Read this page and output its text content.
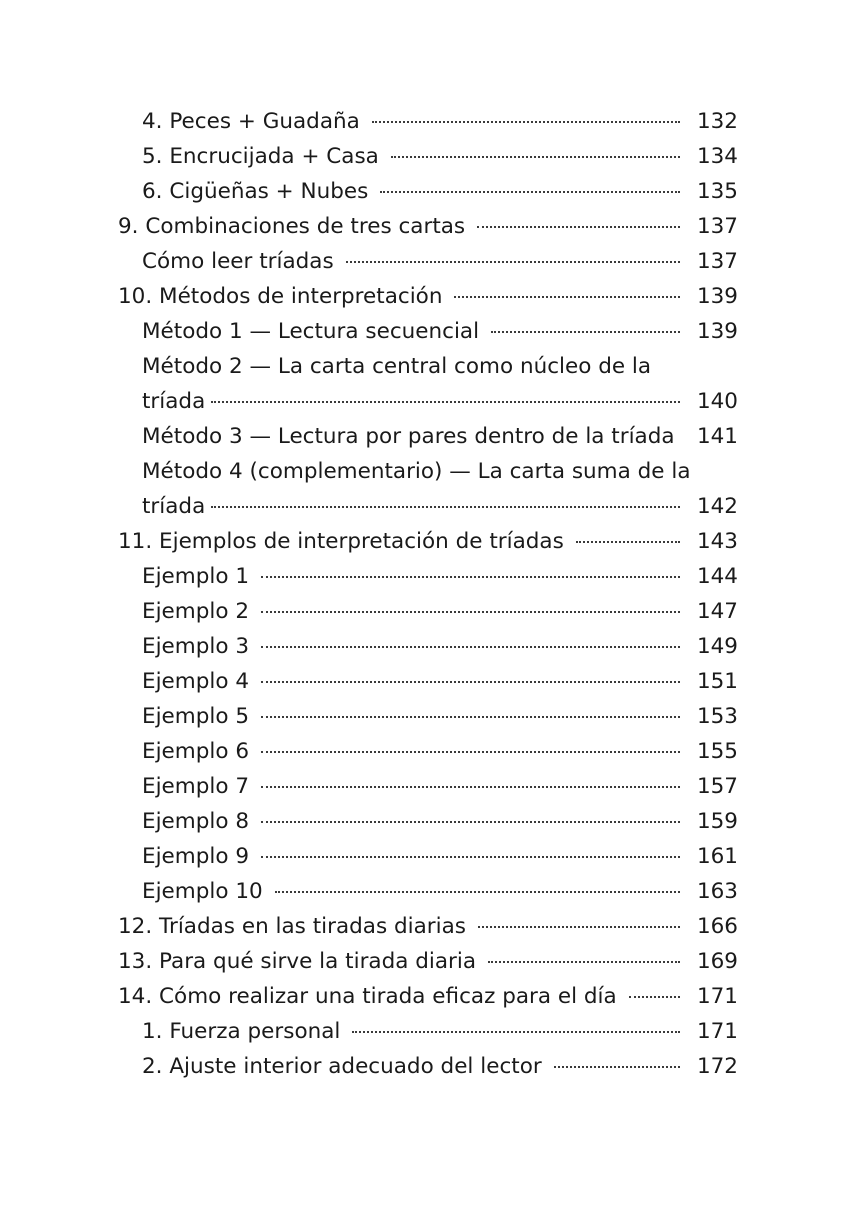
4. Peces + Guadaña	132
5. Encrucijada + Casa	134
6. Cigüeñas + Nubes	135
9. Combinaciones de tres cartas	137
Cómo leer tríadas	137
10. Métodos de interpretación	139
Método 1 — Lectura secuencial	139
Método 2 — La carta central como núcleo de la
tríada	140
Método 3 — Lectura por pares dentro de la tríada	141
Método 4 (complementario) — La carta suma de la
tríada	142
11. Ejemplos de interpretación de tríadas	143
Ejemplo 1	144
Ejemplo 2	147
Ejemplo 3	149
Ejemplo 4	151
Ejemplo 5	153
Ejemplo 6	155
Ejemplo 7	157
Ejemplo 8	159
Ejemplo 9	161
Ejemplo 10	163
12. Tríadas en las tiradas diarias	166
13. Para qué sirve la tirada diaria	169
14. Cómo realizar una tirada eficaz para el día	171
1. Fuerza personal	171
2. Ajuste interior adecuado del lector	172
